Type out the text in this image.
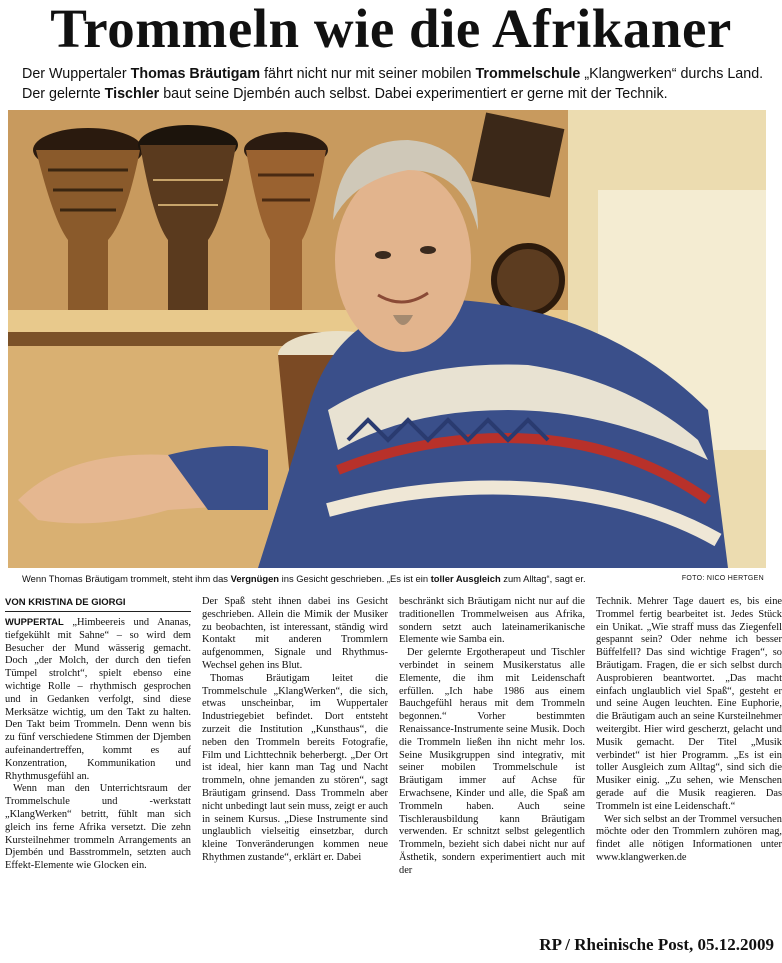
Trommeln wie die Afrikaner
Der Wuppertaler Thomas Bräutigam fährt nicht nur mit seiner mobilen Trommelschule „Klangwerken“ durchs Land. Der gelernte Tischler baut seine Djembén auch selbst. Dabei experimentiert er gerne mit der Technik.
Wenn Thomas Bräutigam trommelt, steht ihm das Vergnügen ins Gesicht geschrieben. „Es ist ein toller Ausgleich zum Alltag“, sagt er.	FOTO: NICO HERTGEN
VON KRISTINA DE GIORGI

WUPPERTAL „Himbeereis und Ananas, tiefgekühlt mit Sahne“ – so wird dem Besucher der Mund wässerig gemacht. Doch „der Molch, der durch den tiefen Tümpel strolcht“, spielt ebenso eine wichtige Rolle – rhythmisch gesprochen und in Gedanken verfolgt, sind diese Merksätze wichtig, um den Takt zu halten. Den Takt beim Trommeln. Denn wenn bis zu fünf verschiedene Stimmen der Djemben aufeinandertreffen, kommt es auf Konzentration, Kommunikation und Rhythmusgefühl an.

Wenn man den Unterrichtsraum der Trommelschule und -werkstatt „KlangWerken“ betritt, fühlt man sich gleich ins ferne Afrika versetzt. Die zehn Kursteilnehmer trommeln Arrangements an Djembén und Basstrommeln, setzten auch Effekt-Elemente wie Glocken ein.

Der Spaß steht ihnen dabei ins Gesicht geschrieben. Allein die Mimik der Musiker zu beobachten, ist interessant, ständig wird Kontakt mit anderen Trommlern aufgenommen, Signale und Rhythmus-Wechsel gehen ins Blut.

Thomas Bräutigam leitet die Trommelschule „KlangWerken“, die sich, etwas unscheinbar, im Wuppertaler Industriegebiet befindet. Dort entsteht zurzeit die Institution „Kunsthaus“, die neben den Trommeln bereits Fotografie, Film und Lichttechnik beherbergt. „Der Ort ist ideal, hier kann man Tag und Nacht trommeln, ohne jemanden zu stören“, sagt Bräutigam grinsend. Dass Trommeln aber nicht unbedingt laut sein muss, zeigt er auch in seinem Kursus. „Diese Instrumente sind unglaublich vielseitig einsetzbar, durch kleine Tonveränderungen kommen neue Rhythmen zustande“, erklärt er. Dabei

beschränkt sich Bräutigam nicht nur auf die traditionellen Trommelweisen aus Afrika, sondern setzt auch lateinamerikanische Elemente wie Samba ein.

Der gelernte Ergotherapeut und Tischler verbindet in seinem Musikerstatus alle Elemente, die ihm mit Leidenschaft erfüllen. „Ich habe 1986 aus einem Bauchgefühl heraus mit dem Trommeln begonnen.“ Vorher bestimmten Renaissance-Instrumente seine Musik. Doch die Trommeln ließen ihn nicht mehr los. Seine Musikgruppen sind integrativ, mit seiner mobilen Trommelschule ist Bräutigam immer auf Achse für Erwachsene, Kinder und alle, die Spaß am Trommeln haben. Auch seine Tischlerausbildung kann Bräutigam verwenden. Er schnitzt selbst gelegentlich Trommeln, bezieht sich dabei nicht nur auf Ästhetik, sondern experimentiert auch mit der

Technik. Mehrer Tage dauert es, bis eine Trommel fertig bearbeitet ist. Jedes Stück ein Unikat. „Wie straff muss das Ziegenfell gespannt sein? Oder nehme ich besser Büffelfell? Das sind wichtige Fragen“, so Bräutigam. Fragen, die er sich selbst durch Ausprobieren beantwortet. „Das macht einfach unglaublich viel Spaß“, gesteht er und seine Augen leuchten. Eine Euphorie, die Bräutigam auch an seine Kursteilnehmer weitergibt. Hier wird gescherzt, gelacht und Musik gemacht. Der Titel „Musik verbindet“ ist hier Programm. „Es ist ein toller Ausgleich zum Alltag“, sind sich die Musiker einig. „Zu sehen, wie Menschen gerade auf die Musik reagieren. Das Trommeln ist eine Leidenschaft.“

Wer sich selbst an der Trommel versuchen möchte oder den Trommlern zuhören mag, findet alle nötigen Informationen unter www.klangwerken.de

RP / Rheinische Post, 05.12.2009
